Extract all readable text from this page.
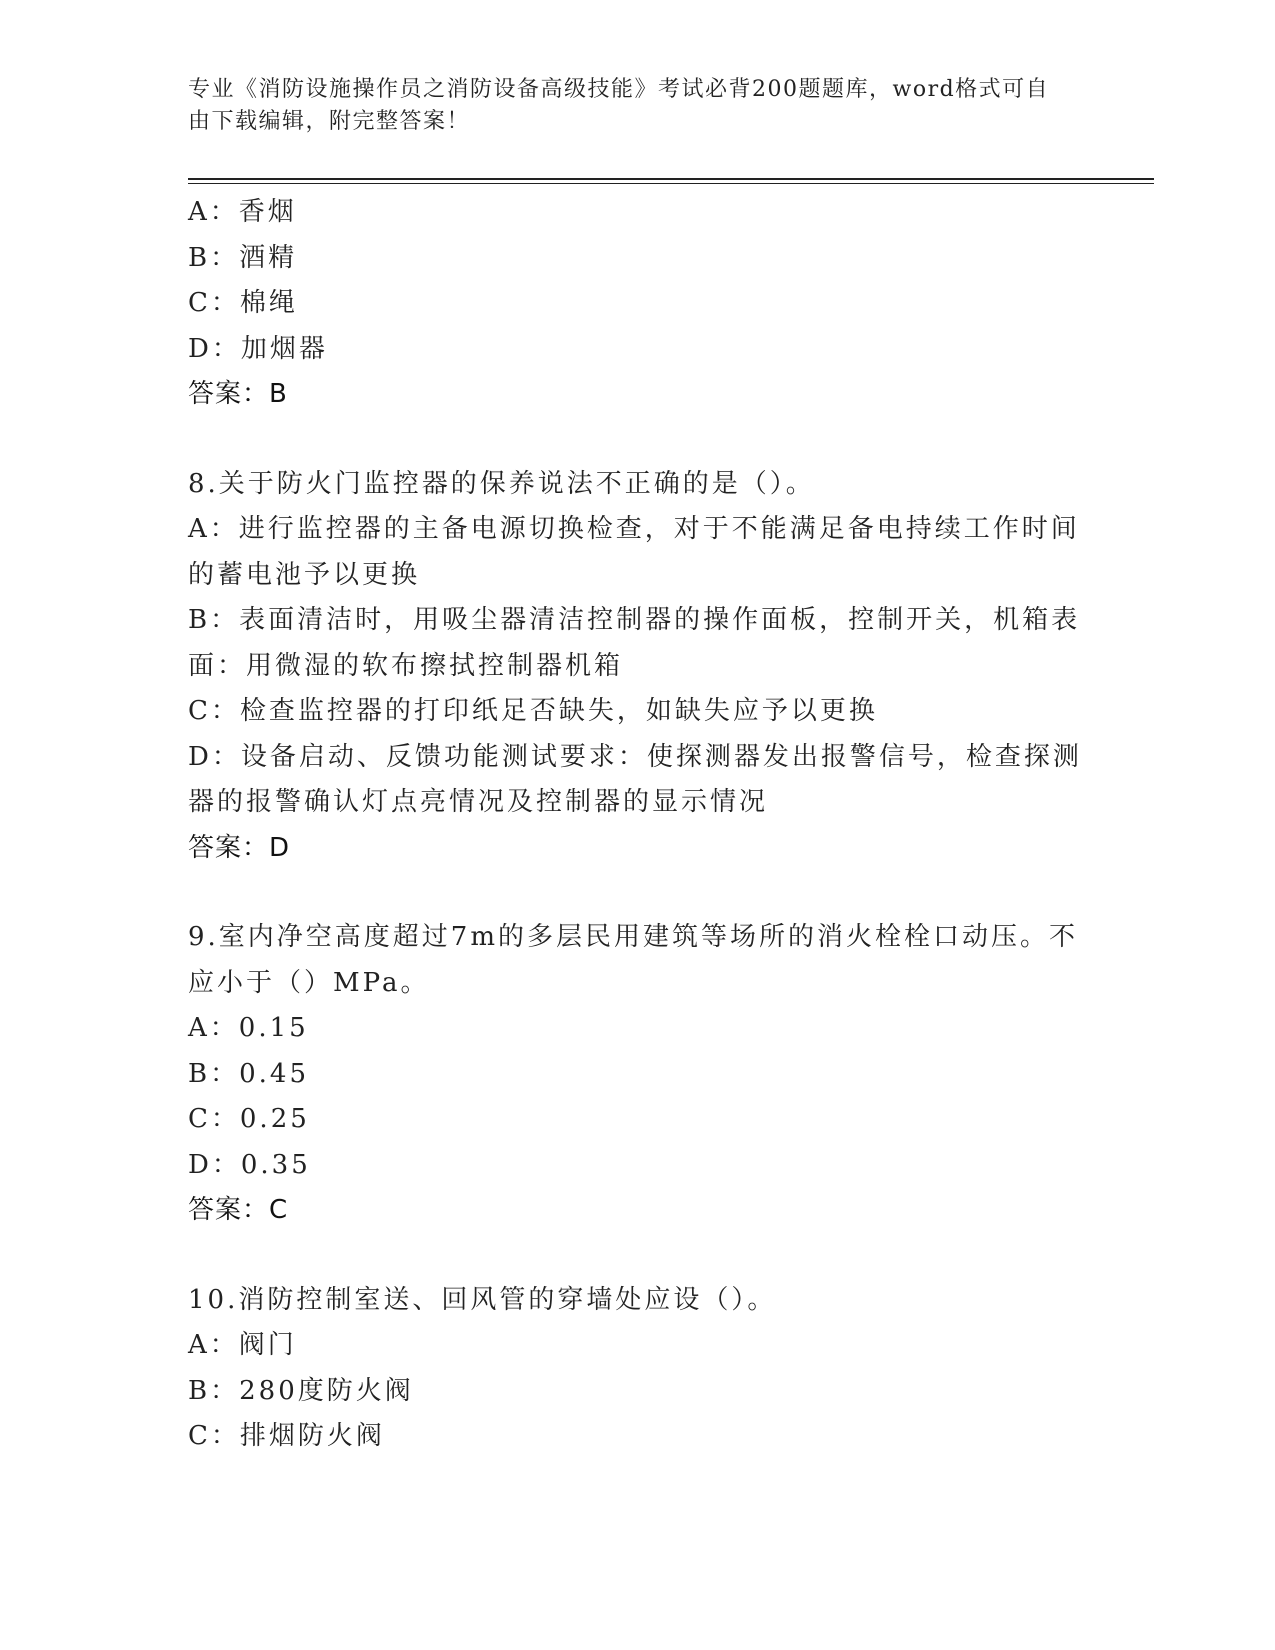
专业《消防设施操作员之消防设备高级技能》考试必背200题题库，word格式可自由下载编辑，附完整答案！
A：香烟
B：酒精
C：棉绳
D：加烟器
答案：B
8.关于防火门监控器的保养说法不正确的是（）。
A：进行监控器的主备电源切换检查，对于不能满足备电持续工作时间的蓄电池予以更换
B：表面清洁时，用吸尘器清洁控制器的操作面板，控制开关，机箱表面：用微湿的软布擦拭控制器机箱
C：检查监控器的打印纸足否缺失，如缺失应予以更换
D：设备启动、反馈功能测试要求：使探测器发出报警信号，检查探测器的报警确认灯点亮情况及控制器的显示情况
答案：D
9.室内净空高度超过7m的多层民用建筑等场所的消火栓栓口动压。不应小于（）MPa。
A：0.15
B：0.45
C：0.25
D：0.35
答案：C
10.消防控制室送、回风管的穿墙处应设（）。
A：阀门
B：280度防火阀
C：排烟防火阀
